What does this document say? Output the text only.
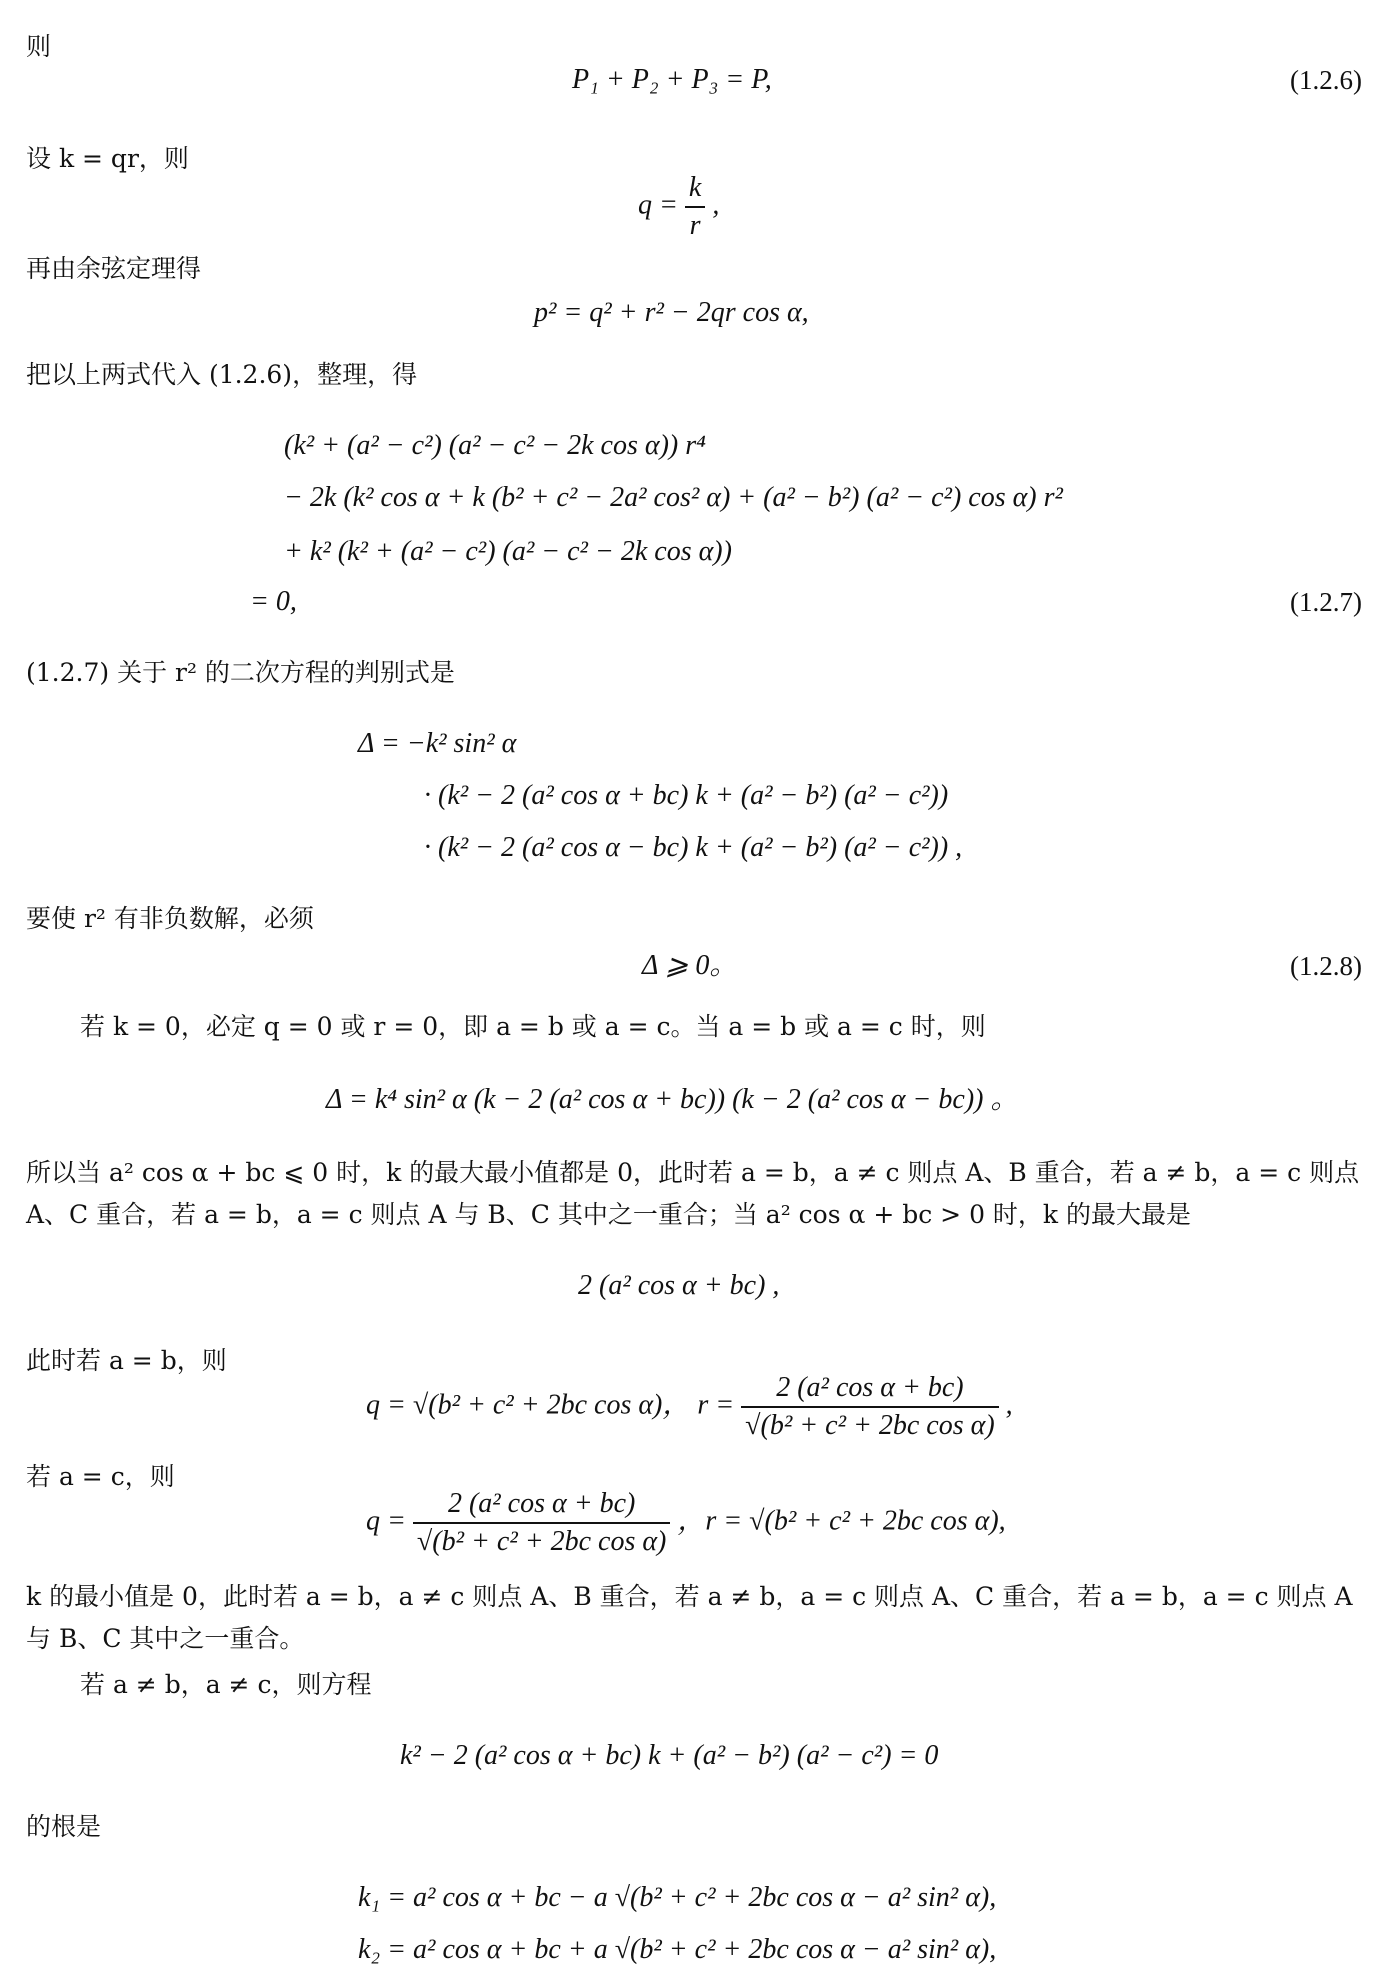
则
P₁ + P₂ + P₃ = P,	(1.2.6)
设 k = qr，则
$q = \frac{k}{r}$ ,
再由余弦定理得
p² = q² + r² − 2qr cos α,
把以上两式代入 (1.2.6)，整理，得
(k² + (a² − c²) (a² − c² − 2k cos α)) r⁴
− 2k (k² cos α + k (b² + c² − 2a² cos² α) + (a² − b²) (a² − c²) cos α) r²
+ k² (k² + (a² − c²) (a² − c² − 2k cos α))
= 0,	(1.2.7)
(1.2.7) 关于 r² 的二次方程的判别式是
Δ = −k² sin² α
· (k² − 2 (a² cos α + bc) k + (a² − b²) (a² − c²))
· (k² − 2 (a² cos α − bc) k + (a² − b²) (a² − c²)) ,
要使 r² 有非负数解，必须
Δ ⩾ 0。	(1.2.8)
若 k = 0，必定 q = 0 或 r = 0，即 a = b 或 a = c。当 a = b 或 a = c 时，则
Δ = k⁴ sin² α (k − 2 (a² cos α + bc)) (k − 2 (a² cos α − bc)) 。
所以当 a² cos α + bc ⩽ 0 时，k 的最大最小值都是 0，此时若 a = b，a ≠ c 则点 A、B 重合，若 a ≠ b，a = c 则点 A、C 重合，若 a = b，a = c 则点 A 与 B、C 其中之一重合；当 a² cos α + bc > 0 时，k 的最大最是
2 (a² cos α + bc) ,
此时若 a = b，则
q = √(b² + c² + 2bc cos α)， $r = \frac{\text{2 (a² cos α + bc)}}{\text{√(b² + c² + 2bc cos α)}}$ ,
若 a = c，则
$q = \frac{\text{2 (a² cos α + bc)}}{\text{√(b² + c² + 2bc cos α)}}$ ，r = √(b² + c² + 2bc cos α),
k 的最小值是 0，此时若 a = b，a ≠ c 则点 A、B 重合，若 a ≠ b，a = c 则点 A、C 重合，若 a = b，a = c 则点 A 与 B、C 其中之一重合。
若 a ≠ b，a ≠ c，则方程
k² − 2 (a² cos α + bc) k + (a² − b²) (a² − c²) = 0
的根是
k₁ = a² cos α + bc − a √(b² + c² + 2bc cos α − a² sin² α),
k₂ = a² cos α + bc + a √(b² + c² + 2bc cos α − a² sin² α),
